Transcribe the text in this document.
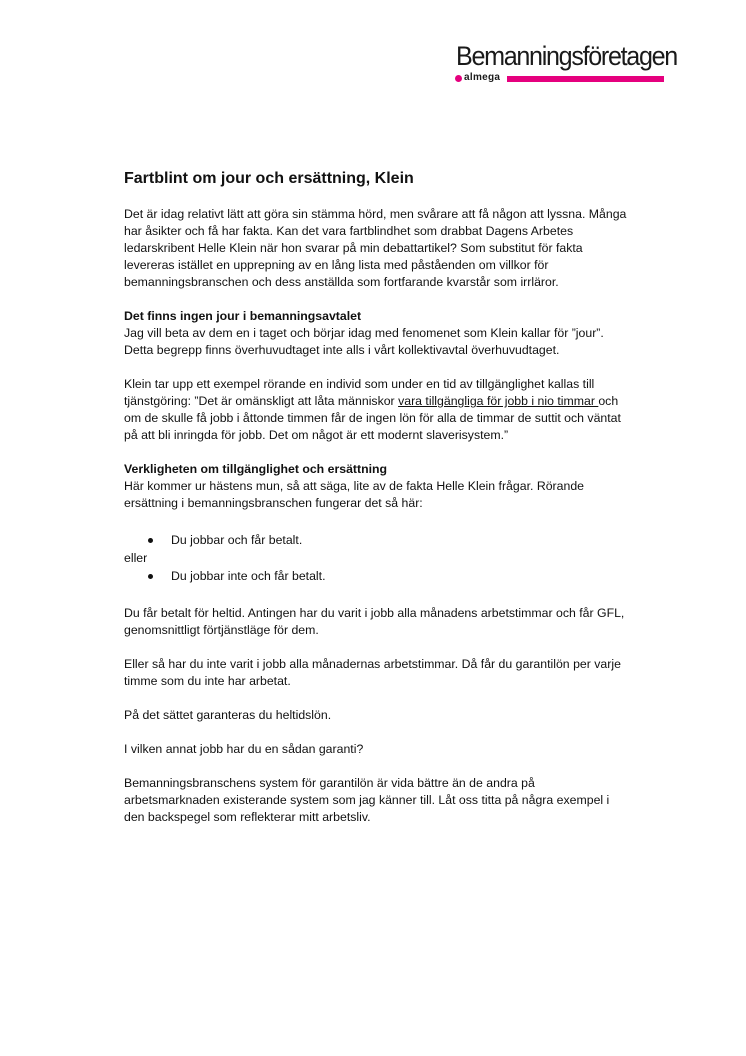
Bemanningsföretagen
almega
Fartblint om jour och ersättning, Klein

Det är idag relativt lätt att göra sin stämma hörd, men svårare att få någon att lyssna. Många har åsikter och få har fakta. Kan det vara fartblindhet som drabbat Dagens Arbetes ledarskribent Helle Klein när hon svarar på min debattartikel? Som substitut för fakta levereras istället en upprepning av en lång lista med påståenden om villkor för bemanningsbranschen och dess anställda som fortfarande kvarstår som irrläror.

Det finns ingen jour i bemanningsavtalet
Jag vill beta av dem en i taget och börjar idag med fenomenet som Klein kallar för ”jour”. Detta begrepp finns överhuvudtaget inte alls i vårt kollektivavtal överhuvudtaget.

Klein tar upp ett exempel rörande en individ som under en tid av tillgänglighet kallas till tjänstgöring: ”Det är omänskligt att låta människor vara tillgängliga för jobb i nio timmar och om de skulle få jobb i åttonde timmen får de ingen lön för alla de timmar de suttit och väntat på att bli inringda för jobb. Det om något är ett modernt slaverisystem.”

Verkligheten om tillgänglighet och ersättning
Här kommer ur hästens mun, så att säga, lite av de fakta Helle Klein frågar. Rörande ersättning i bemanningsbranschen fungerar det så här:

Du jobbar och får betalt.
eller
Du jobbar inte och får betalt.

Du får betalt för heltid. Antingen har du varit i jobb alla månadens arbetstimmar och får GFL, genomsnittligt förtjänstläge för dem.

Eller så har du inte varit i jobb alla månadernas arbetstimmar. Då får du garantilön per varje timme som du inte har arbetat.

På det sättet garanteras du heltidslön.

I vilken annat jobb har du en sådan garanti?

Bemanningsbranschens system för garantilön är vida bättre än de andra på arbetsmarknaden existerande system som jag känner till. Låt oss titta på några exempel i den backspegel som reflekterar mitt arbetsliv.
